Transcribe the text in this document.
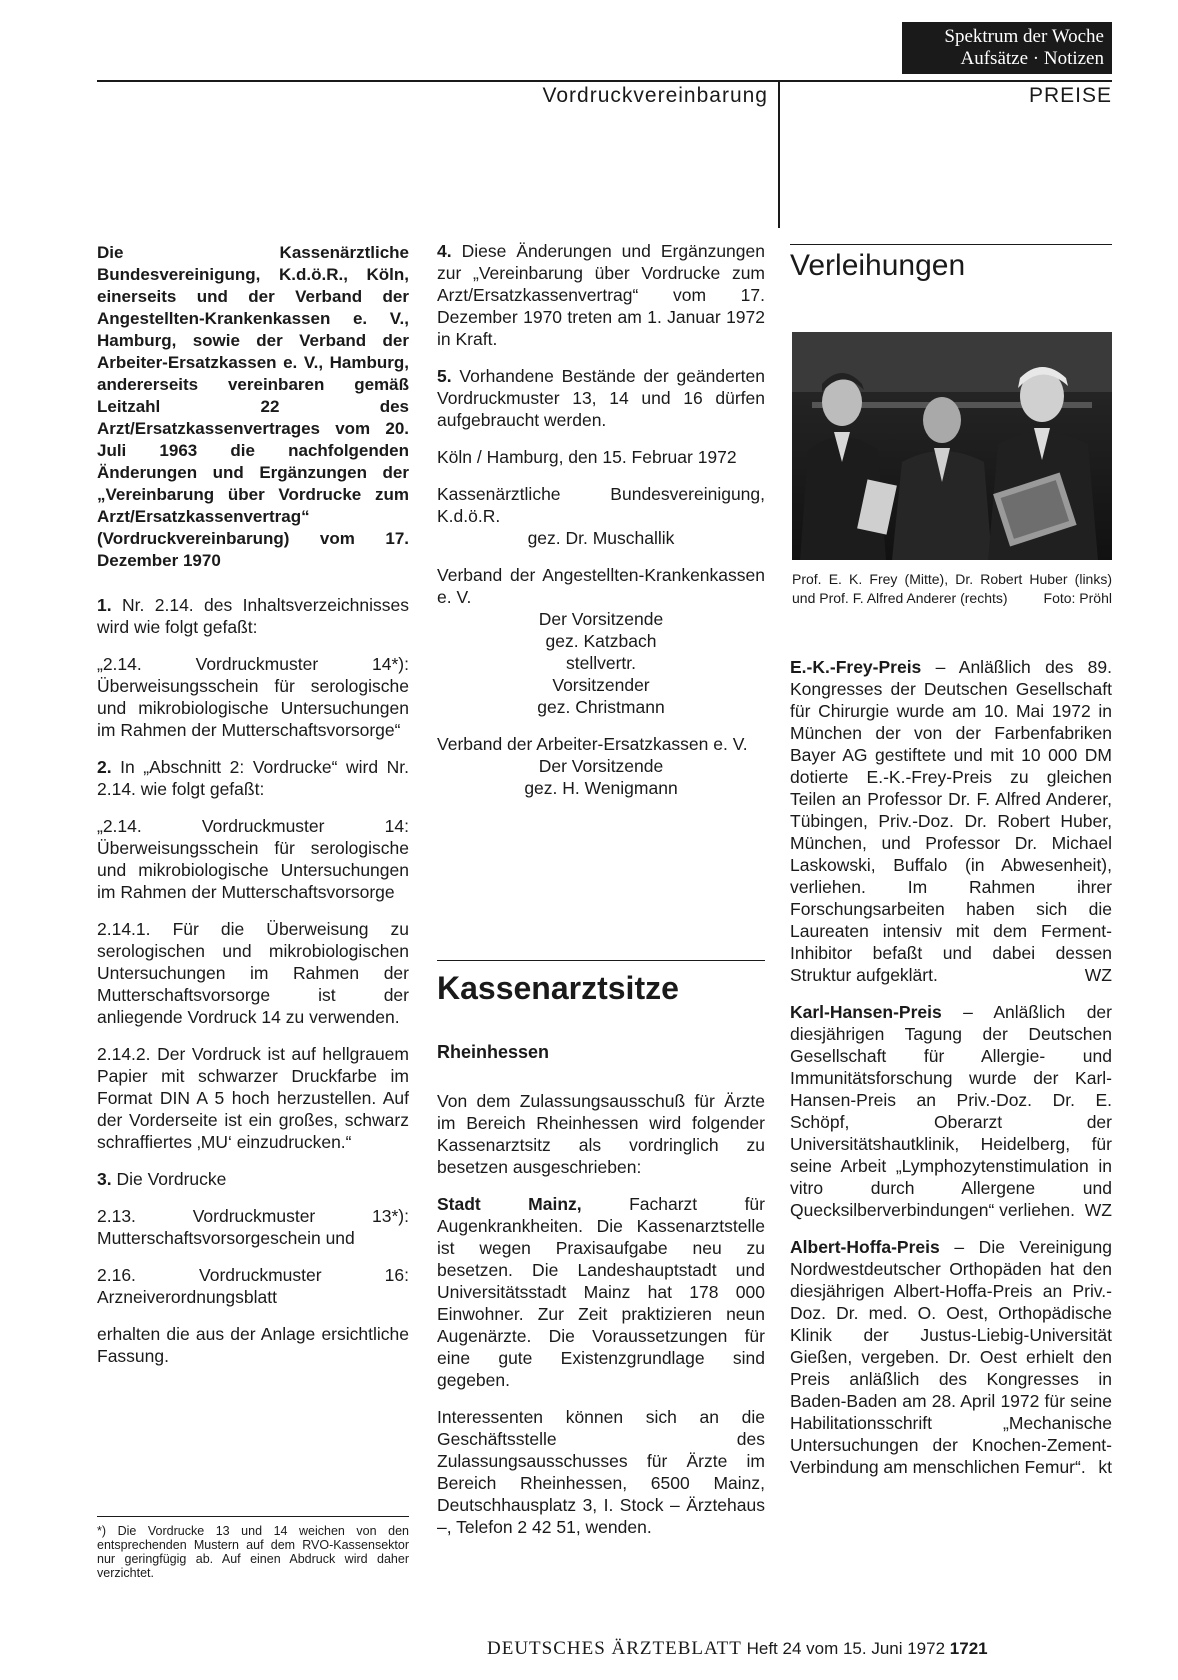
Spektrum der Woche
Aufsätze · Notizen
Vordruckvereinbarung	PREISE

Die Kassenärztliche Bundesvereinigung, K.d.ö.R., Köln, einerseits und der Verband der Angestellten-Krankenkassen e. V., Hamburg, sowie der Verband der Arbeiter-Ersatzkassen e. V., Hamburg, andererseits vereinbaren gemäß Leitzahl 22 des Arzt/Ersatzkassenvertrages vom 20. Juli 1963 die nachfolgenden Änderungen und Ergänzungen der „Vereinbarung über Vordrucke zum Arzt/Ersatzkassenvertrag“ (Vordruckvereinbarung) vom 17. Dezember 1970

1. Nr. 2.14. des Inhaltsverzeichnisses wird wie folgt gefaßt:

„2.14. Vordruckmuster 14*): Überweisungsschein für serologische und mikrobiologische Untersuchungen im Rahmen der Mutterschaftsvorsorge“

2. In „Abschnitt 2: Vordrucke“ wird Nr. 2.14. wie folgt gefaßt:

„2.14. Vordruckmuster 14: Überweisungsschein für serologische und mikrobiologische Untersuchungen im Rahmen der Mutterschaftsvorsorge

2.14.1. Für die Überweisung zu serologischen und mikrobiologischen Untersuchungen im Rahmen der Mutterschaftsvorsorge ist der anliegende Vordruck 14 zu verwenden.

2.14.2. Der Vordruck ist auf hellgrauem Papier mit schwarzer Druckfarbe im Format DIN A 5 hoch herzustellen. Auf der Vorderseite ist ein großes, schwarz schraffiertes ‚MU‘ einzudrucken.“

3. Die Vordrucke

2.13. Vordruckmuster 13*): Mutterschaftsvorsorgeschein und

2.16. Vordruckmuster 16: Arzneiverordnungsblatt

erhalten die aus der Anlage ersichtliche Fassung.

*) Die Vordrucke 13 und 14 weichen von den entsprechenden Mustern auf dem RVO-Kassensektor nur geringfügig ab. Auf einen Abdruck wird daher verzichtet.

4. Diese Änderungen und Ergänzungen zur „Vereinbarung über Vordrucke zum Arzt/Ersatzkassenvertrag“ vom 17. Dezember 1970 treten am 1. Januar 1972 in Kraft.

5. Vorhandene Bestände der geänderten Vordruckmuster 13, 14 und 16 dürfen aufgebraucht werden.

Köln / Hamburg, den 15. Februar 1972

Kassenärztliche Bundesvereinigung, K.d.ö.R.

gez. Dr. Muschallik

Verband der Angestellten-Krankenkassen e. V.

Der Vorsitzende

gez. Katzbach

stellvertr.

Vorsitzender

gez. Christmann

Verband der Arbeiter-Ersatzkassen e. V.

Der Vorsitzende

gez. H. Wenigmann

Kassenarztsitze
Rheinhessen

Von dem Zulassungsausschuß für Ärzte im Bereich Rheinhessen wird folgender Kassenarztsitz als vordringlich zu besetzen ausgeschrieben:

Stadt Mainz, Facharzt für Augenkrankheiten. Die Kassenarztstelle ist wegen Praxisaufgabe neu zu besetzen. Die Landeshauptstadt und Universitätsstadt Mainz hat 178 000 Einwohner. Zur Zeit praktizieren neun Augenärzte. Die Voraussetzungen für eine gute Existenzgrundlage sind gegeben.

Interessenten können sich an die Geschäftsstelle des Zulassungsausschusses für Ärzte im Bereich Rheinhessen, 6500 Mainz, Deutschhausplatz 3, I. Stock – Ärztehaus –, Telefon 2 42 51, wenden.

Verleihungen
Prof. E. K. Frey (Mitte), Dr. Robert Huber (links) und Prof. F. Alfred Anderer (rechts)	Foto: Pröhl

E.-K.-Frey-Preis – Anläßlich des 89. Kongresses der Deutschen Gesellschaft für Chirurgie wurde am 10. Mai 1972 in München der von der Farbenfabriken Bayer AG gestiftete und mit 10 000 DM dotierte E.-K.-Frey-Preis zu gleichen Teilen an Professor Dr. F. Alfred Anderer, Tübingen, Priv.-Doz. Dr. Robert Huber, München, und Professor Dr. Michael Laskowski, Buffalo (in Abwesenheit), verliehen. Im Rahmen ihrer Forschungsarbeiten haben sich die Laureaten intensiv mit dem Ferment-Inhibitor befaßt und dabei dessen Struktur aufgeklärt.	WZ

Karl-Hansen-Preis – Anläßlich der diesjährigen Tagung der Deutschen Gesellschaft für Allergie- und Immunitätsforschung wurde der Karl-Hansen-Preis an Priv.-Doz. Dr. E. Schöpf, Oberarzt der Universitätshautklinik, Heidelberg, für seine Arbeit „Lymphozytenstimulation in vitro durch Allergene und Quecksilberverbindungen“ verliehen. WZ

Albert-Hoffa-Preis – Die Vereinigung Nordwestdeutscher Orthopäden hat den diesjährigen Albert-Hoffa-Preis an Priv.-Doz. Dr. med. O. Oest, Orthopädische Klinik der Justus-Liebig-Universität Gießen, vergeben. Dr. Oest erhielt den Preis anläßlich des Kongresses in Baden-Baden am 28. April 1972 für seine Habilitationsschrift „Mechanische Untersuchungen der Knochen-Zement-Verbindung am menschlichen Femur“. kt

DEUTSCHES ÄRZTEBLATT Heft 24 vom 15. Juni 1972 1721
